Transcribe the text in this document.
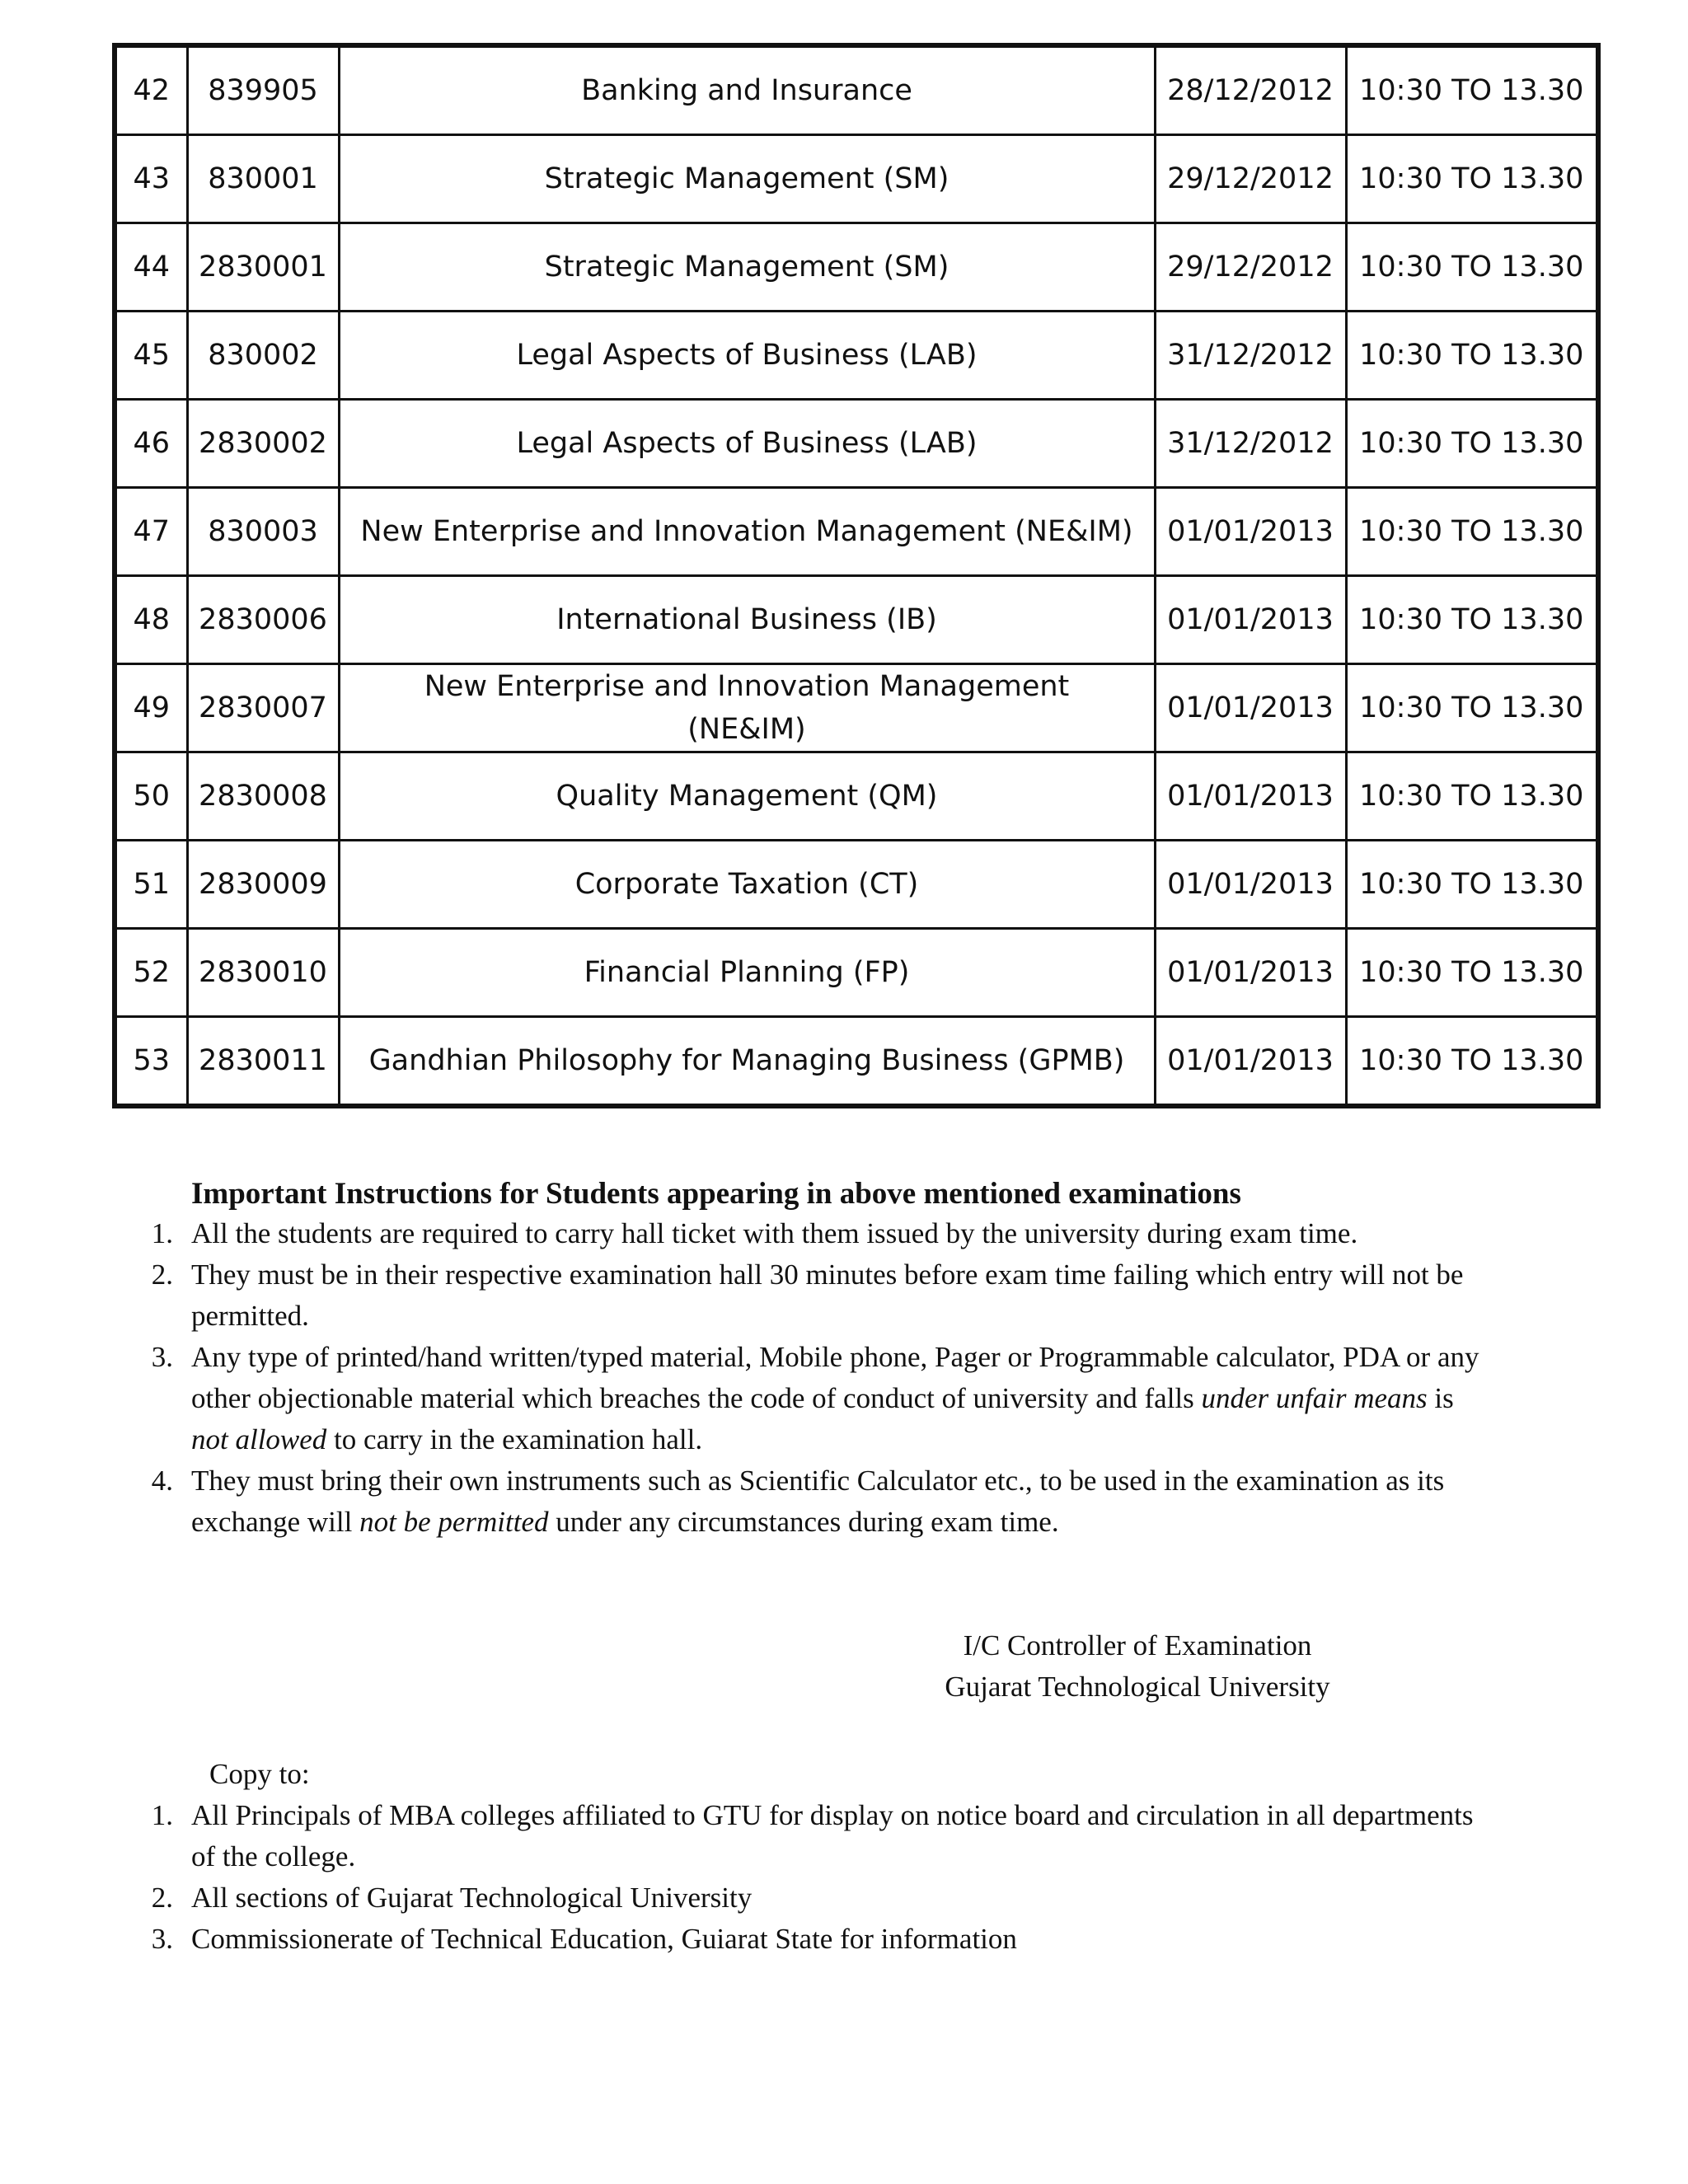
42	839905	Banking and Insurance	28/12/2012	10:30 TO 13.30
43	830001	Strategic Management (SM)	29/12/2012	10:30 TO 13.30
44	2830001	Strategic Management (SM)	29/12/2012	10:30 TO 13.30
45	830002	Legal Aspects of Business (LAB)	31/12/2012	10:30 TO 13.30
46	2830002	Legal Aspects of Business (LAB)	31/12/2012	10:30 TO 13.30
47	830003	New Enterprise and Innovation Management (NE&IM)	01/01/2013	10:30 TO 13.30
48	2830006	International Business (IB)	01/01/2013	10:30 TO 13.30
49	2830007	New Enterprise and Innovation Management
(NE&IM)	01/01/2013	10:30 TO 13.30
50	2830008	Quality Management (QM)	01/01/2013	10:30 TO 13.30
51	2830009	Corporate Taxation (CT)	01/01/2013	10:30 TO 13.30
52	2830010	Financial Planning (FP)	01/01/2013	10:30 TO 13.30
53	2830011	Gandhian Philosophy for Managing Business (GPMB)	01/01/2013	10:30 TO 13.30
Important Instructions for Students appearing in above mentioned examinations
1. All the students are required to carry hall ticket with them issued by the university during exam time.
2. They must be in their respective examination hall 30 minutes before exam time failing which entry will not be permitted.
3. Any type of printed/hand written/typed material, Mobile phone, Pager or Programmable calculator, PDA or any other objectionable material which breaches the code of conduct of university and falls under unfair means is not allowed to carry in the examination hall.
4. They must bring their own instruments such as Scientific Calculator etc., to be used in the examination as its exchange will not be permitted under any circumstances during exam time.
I/C Controller of Examination
Gujarat Technological University
Copy to:
1. All Principals of MBA colleges affiliated to GTU for display on notice board and circulation in all departments of the college.
2. All sections of Gujarat Technological University
3. Commissionerate of Technical Education, Guiarat State for information
